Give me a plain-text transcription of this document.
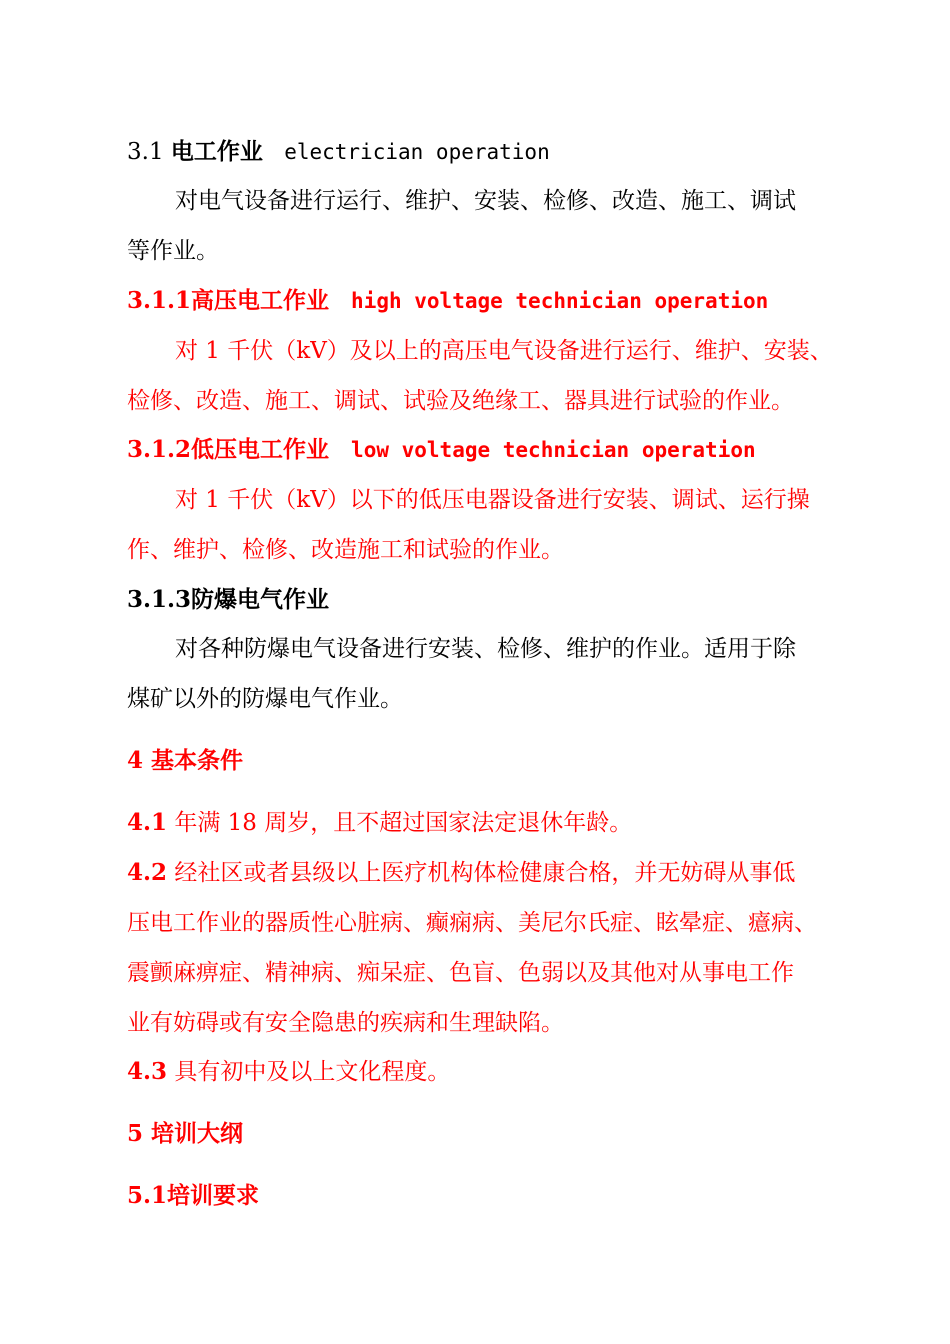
3.1 电工作业 electrician operation
对电气设备进行运行、维护、安装、检修、改造、施工、调试
等作业。
3.1.1高压电工作业 high voltage technician operation
对 1 千伏（kV）及以上的高压电气设备进行运行、维护、安装、
检修、改造、施工、调试、试验及绝缘工、器具进行试验的作业。
3.1.2低压电工作业 low voltage technician operation
对 1 千伏（kV）以下的低压电器设备进行安装、调试、运行操
作、维护、检修、改造施工和试验的作业。
3.1.3防爆电气作业
对各种防爆电气设备进行安装、检修、维护的作业。适用于除
煤矿以外的防爆电气作业。
4 基本条件
4.1 年满 18 周岁，且不超过国家法定退休年龄。
4.2 经社区或者县级以上医疗机构体检健康合格，并无妨碍从事低
压电工作业的器质性心脏病、癫痫病、美尼尔氏症、眩晕症、癔病、
震颤麻痹症、精神病、痴呆症、色盲、色弱以及其他对从事电工作
业有妨碍或有安全隐患的疾病和生理缺陷。
4.3 具有初中及以上文化程度。
5 培训大纲
5.1培训要求
